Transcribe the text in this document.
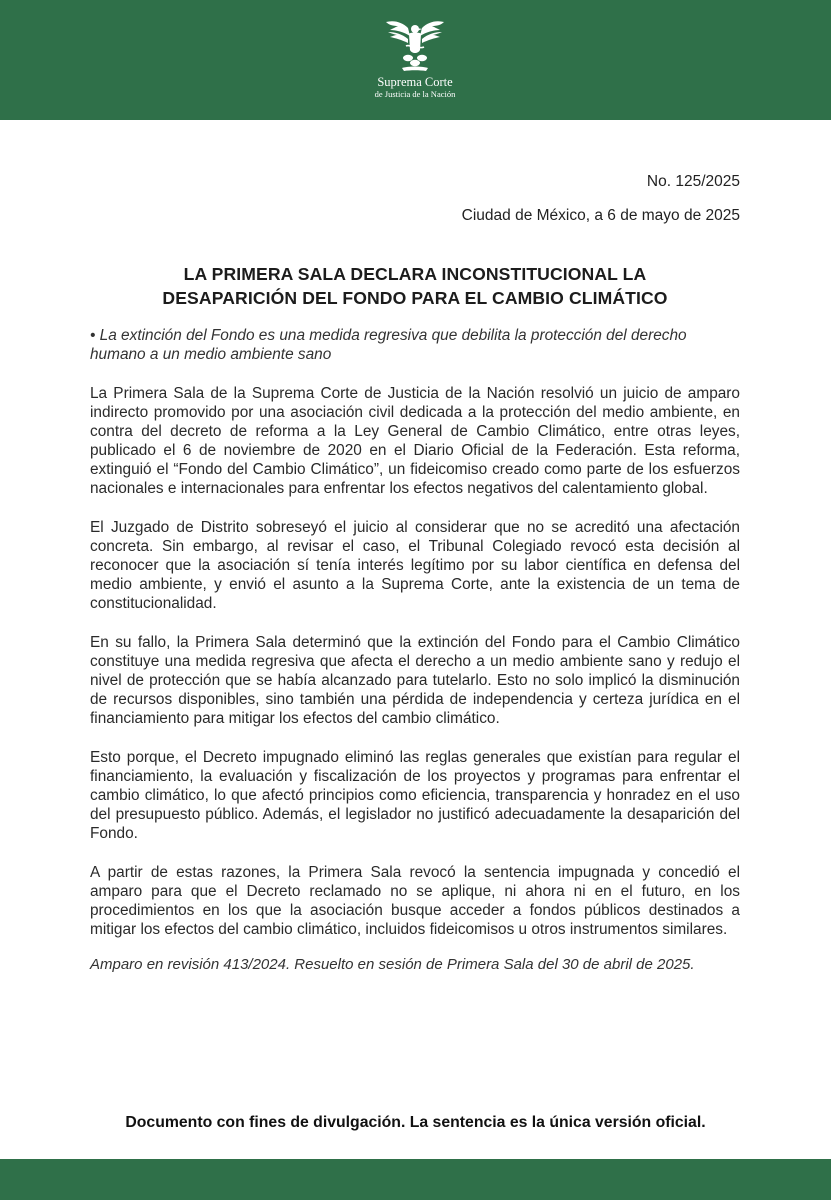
Suprema Corte
de Justicia de la Nación

No. 125/2025

Ciudad de México, a 6 de mayo de 2025

LA PRIMERA SALA DECLARA INCONSTITUCIONAL LA
DESAPARICIÓN DEL FONDO PARA EL CAMBIO CLIMÁTICO

• La extinción del Fondo es una medida regresiva que debilita la protección del derecho humano a un medio ambiente sano

La Primera Sala de la Suprema Corte de Justicia de la Nación resolvió un juicio de amparo indirecto promovido por una asociación civil dedicada a la protección del medio ambiente, en contra del decreto de reforma a la Ley General de Cambio Climático, entre otras leyes, publicado el 6 de noviembre de 2020 en el Diario Oficial de la Federación. Esta reforma, extinguió el “Fondo del Cambio Climático”, un fideicomiso creado como parte de los esfuerzos nacionales e internacionales para enfrentar los efectos negativos del calentamiento global.

El Juzgado de Distrito sobreseyó el juicio al considerar que no se acreditó una afectación concreta. Sin embargo, al revisar el caso, el Tribunal Colegiado revocó esta decisión al reconocer que la asociación sí tenía interés legítimo por su labor científica en defensa del medio ambiente, y envió el asunto a la Suprema Corte, ante la existencia de un tema de constitucionalidad.

En su fallo, la Primera Sala determinó que la extinción del Fondo para el Cambio Climático constituye una medida regresiva que afecta el derecho a un medio ambiente sano y redujo el nivel de protección que se había alcanzado para tutelarlo. Esto no solo implicó la disminución de recursos disponibles, sino también una pérdida de independencia y certeza jurídica en el financiamiento para mitigar los efectos del cambio climático.

Esto porque, el Decreto impugnado eliminó las reglas generales que existían para regular el financiamiento, la evaluación y fiscalización de los proyectos y programas para enfrentar el cambio climático, lo que afectó principios como eficiencia, transparencia y honradez en el uso del presupuesto público. Además, el legislador no justificó adecuadamente la desaparición del Fondo.

A partir de estas razones, la Primera Sala revocó la sentencia impugnada y concedió el amparo para que el Decreto reclamado no se aplique, ni ahora ni en el futuro, en los procedimientos en los que la asociación busque acceder a fondos públicos destinados a mitigar los efectos del cambio climático, incluidos fideicomisos u otros instrumentos similares.

Amparo en revisión 413/2024. Resuelto en sesión de Primera Sala del 30 de abril de 2025.

Documento con fines de divulgación. La sentencia es la única versión oficial.
